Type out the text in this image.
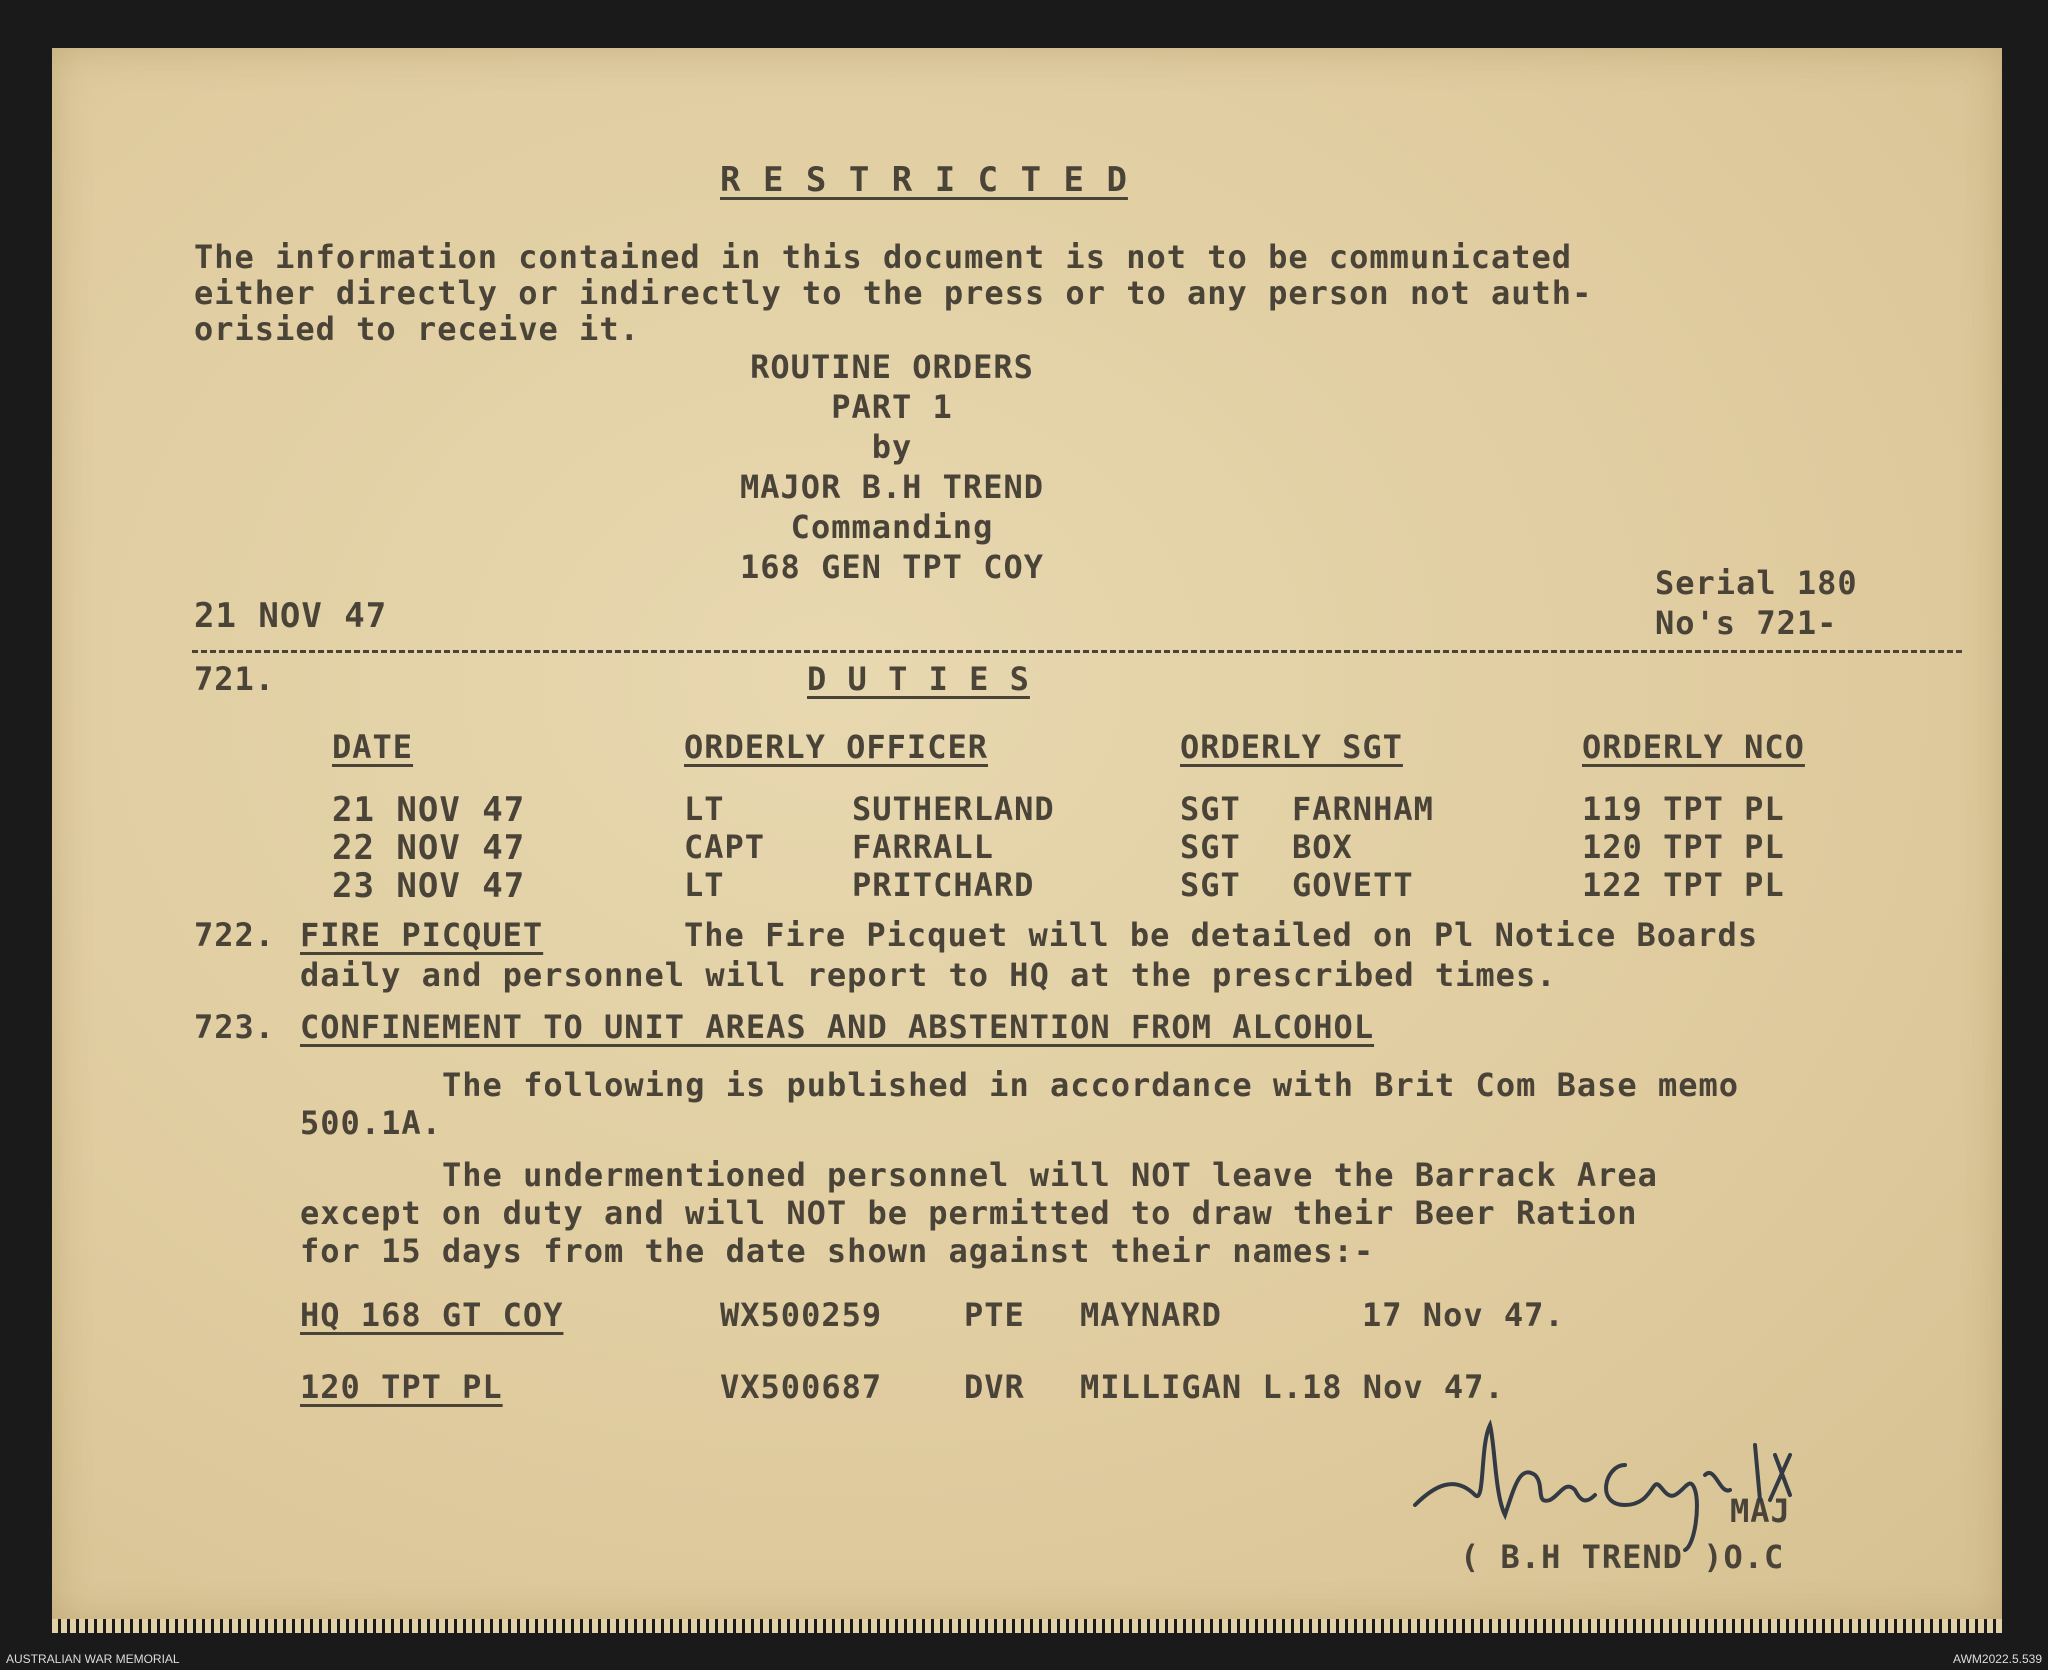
R E S T R I C T E D
The information contained in this document is not to be communicated
either directly or indirectly to the press or to any person not auth-
orisied to receive it.
ROUTINE ORDERS
PART 1
by
MAJOR B.H TREND
Commanding
168 GEN TPT COY
21 NOV 47
Serial 180
No's 721-
721.	D U T I E S
DATE	ORDERLY OFFICER	ORDERLY SGT	ORDERLY NCO
21 NOV 47	LT	SUTHERLAND	SGT FARNHAM	119 TPT PL
22 NOV 47	CAPT	FARRALL	SGT BOX	120 TPT PL
23 NOV 47	LT	PRITCHARD	SGT GOVETT	122 TPT PL
722. FIRE PICQUET	The Fire Picquet will be detailed on Pl Notice Boards
daily and personnel will report to HQ at the prescribed times.
723. CONFINEMENT TO UNIT AREAS AND ABSTENTION FROM ALCOHOL
The following is published in accordance with Brit Com Base memo
500.1A.
The undermentioned personnel will NOT leave the Barrack Area
except on duty and will NOT be permitted to draw their Beer Ration
for 15 days from the date shown against their names:-
HQ 168 GT COY	WX500259	PTE MAYNARD	17 Nov 47.
120 TPT PL	VX500687	DVR MILLIGAN L. 18 Nov 47.
MAJ
( B.H TREND )O.C
AUSTRALIAN WAR MEMORIAL	AWM2022.5.539
